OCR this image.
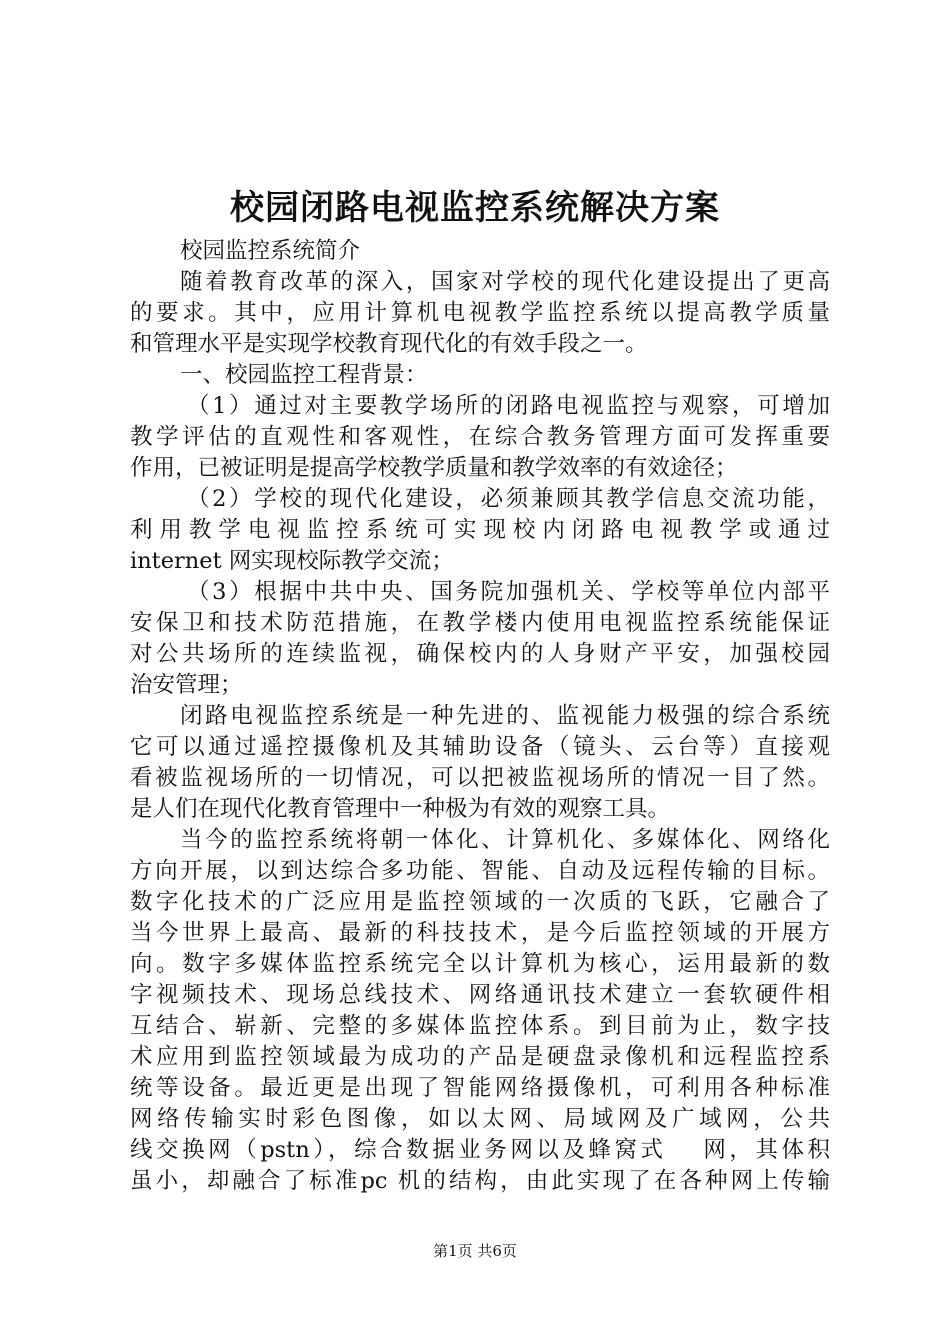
校园闭路电视监控系统解决方案
校园监控系统简介
随着教育改革的深入，国家对学校的现代化建设提出了更高
的要求。其中，应用计算机电视教学监控系统以提高教学质量
和管理水平是实现学校教育现代化的有效手段之一。
一、校园监控工程背景：
（1）通过对主要教学场所的闭路电视监控与观察，可增加
教学评估的直观性和客观性，在综合教务管理方面可发挥重要
作用，已被证明是提高学校教学质量和教学效率的有效途径；
（2）学校的现代化建设，必须兼顾其教学信息交流功能，
利用教学电视监控系统可实现校内闭路电视教学或通过
internet 网实现校际教学交流；
（3）根据中共中央、国务院加强机关、学校等单位内部平
安保卫和技术防范措施，在教学楼内使用电视监控系统能保证
对公共场所的连续监视，确保校内的人身财产平安，加强校园
治安管理；
闭路电视监控系统是一种先进的、监视能力极强的综合系统
它可以通过遥控摄像机及其辅助设备（镜头、云台等）直接观
看被监视场所的一切情况，可以把被监视场所的情况一目了然。
是人们在现代化教育管理中一种极为有效的观察工具。
当今的监控系统将朝一体化、计算机化、多媒体化、网络化
方向开展，以到达综合多功能、智能、自动及远程传输的目标。
数字化技术的广泛应用是监控领域的一次质的飞跃，它融合了
当今世界上最高、最新的科技技术，是今后监控领域的开展方
向。数字多媒体监控系统完全以计算机为核心，运用最新的数
字视频技术、现场总线技术、网络通讯技术建立一套软硬件相
互结合、崭新、完整的多媒体监控体系。到目前为止，数字技
术应用到监控领域最为成功的产品是硬盘录像机和远程监控系
统等设备。最近更是出现了智能网络摄像机，可利用各种标准
网络传输实时彩色图像，如以太网、局域网及广域网，公共
线交换网（pstn），综合数据业务网以及蜂窝式　 网，其体积
虽小，却融合了标准pc 机的结构，由此实现了在各种网上传输
第1页 共6页
